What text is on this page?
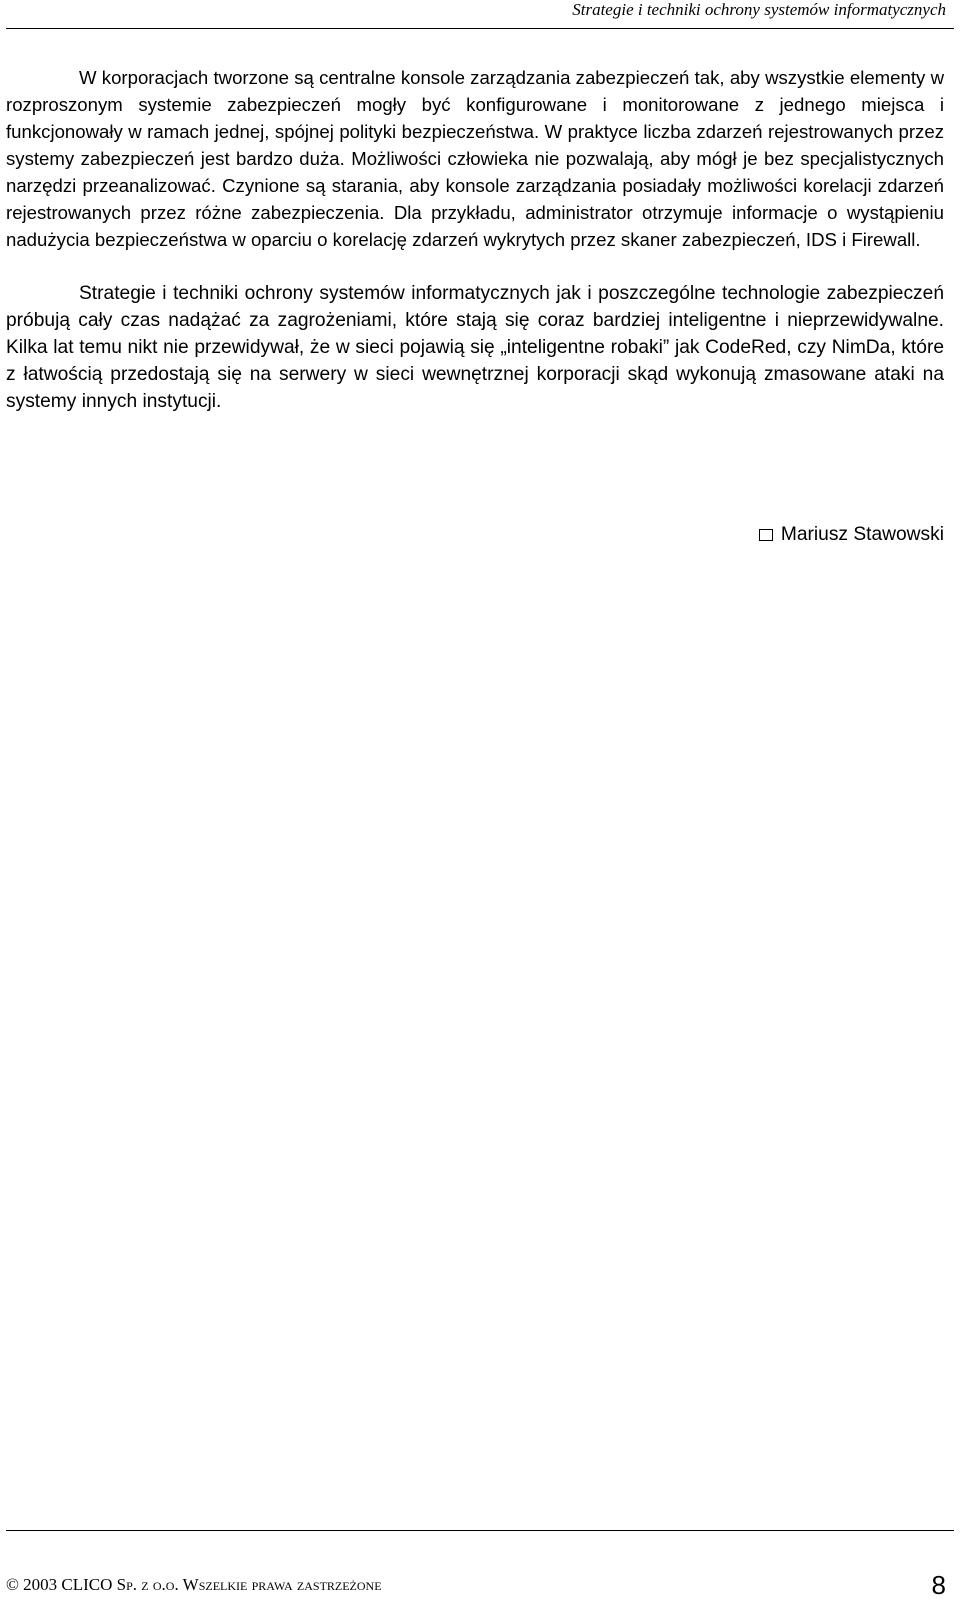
Strategie i techniki ochrony systemów informatycznych

W korporacjach tworzone są centralne konsole zarządzania zabezpieczeń tak, aby wszystkie elementy w rozproszonym systemie zabezpieczeń mogły być konfigurowane i monitorowane z jednego miejsca i funkcjonowały w ramach jednej, spójnej polityki bezpieczeństwa. W praktyce liczba zdarzeń rejestrowanych przez systemy zabezpieczeń jest bardzo duża. Możliwości człowieka nie pozwalają, aby mógł je bez specjalistycznych narzędzi przeanalizować. Czynione są starania, aby konsole zarządzania posiadały możliwości korelacji zdarzeń rejestrowanych przez różne zabezpieczenia. Dla przykładu, administrator otrzymuje informacje o wystąpieniu nadużycia bezpieczeństwa w oparciu o korelację zdarzeń wykrytych przez skaner zabezpieczeń, IDS i Firewall.

Strategie i techniki ochrony systemów informatycznych jak i poszczególne technologie zabezpieczeń próbują cały czas nadążać za zagrożeniami, które stają się coraz bardziej inteligentne i nieprzewidywalne. Kilka lat temu nikt nie przewidywał, że w sieci pojawią się „inteligentne robaki” jak CodeRed, czy NimDa, które z łatwością przedostają się na serwery w sieci wewnętrznej korporacji skąd wykonują zmasowane ataki na systemy innych instytucji.

Mariusz Stawowski
© 2003 CLICO Sp. z o.o. Wszelkie prawa zastrzeżone	8
